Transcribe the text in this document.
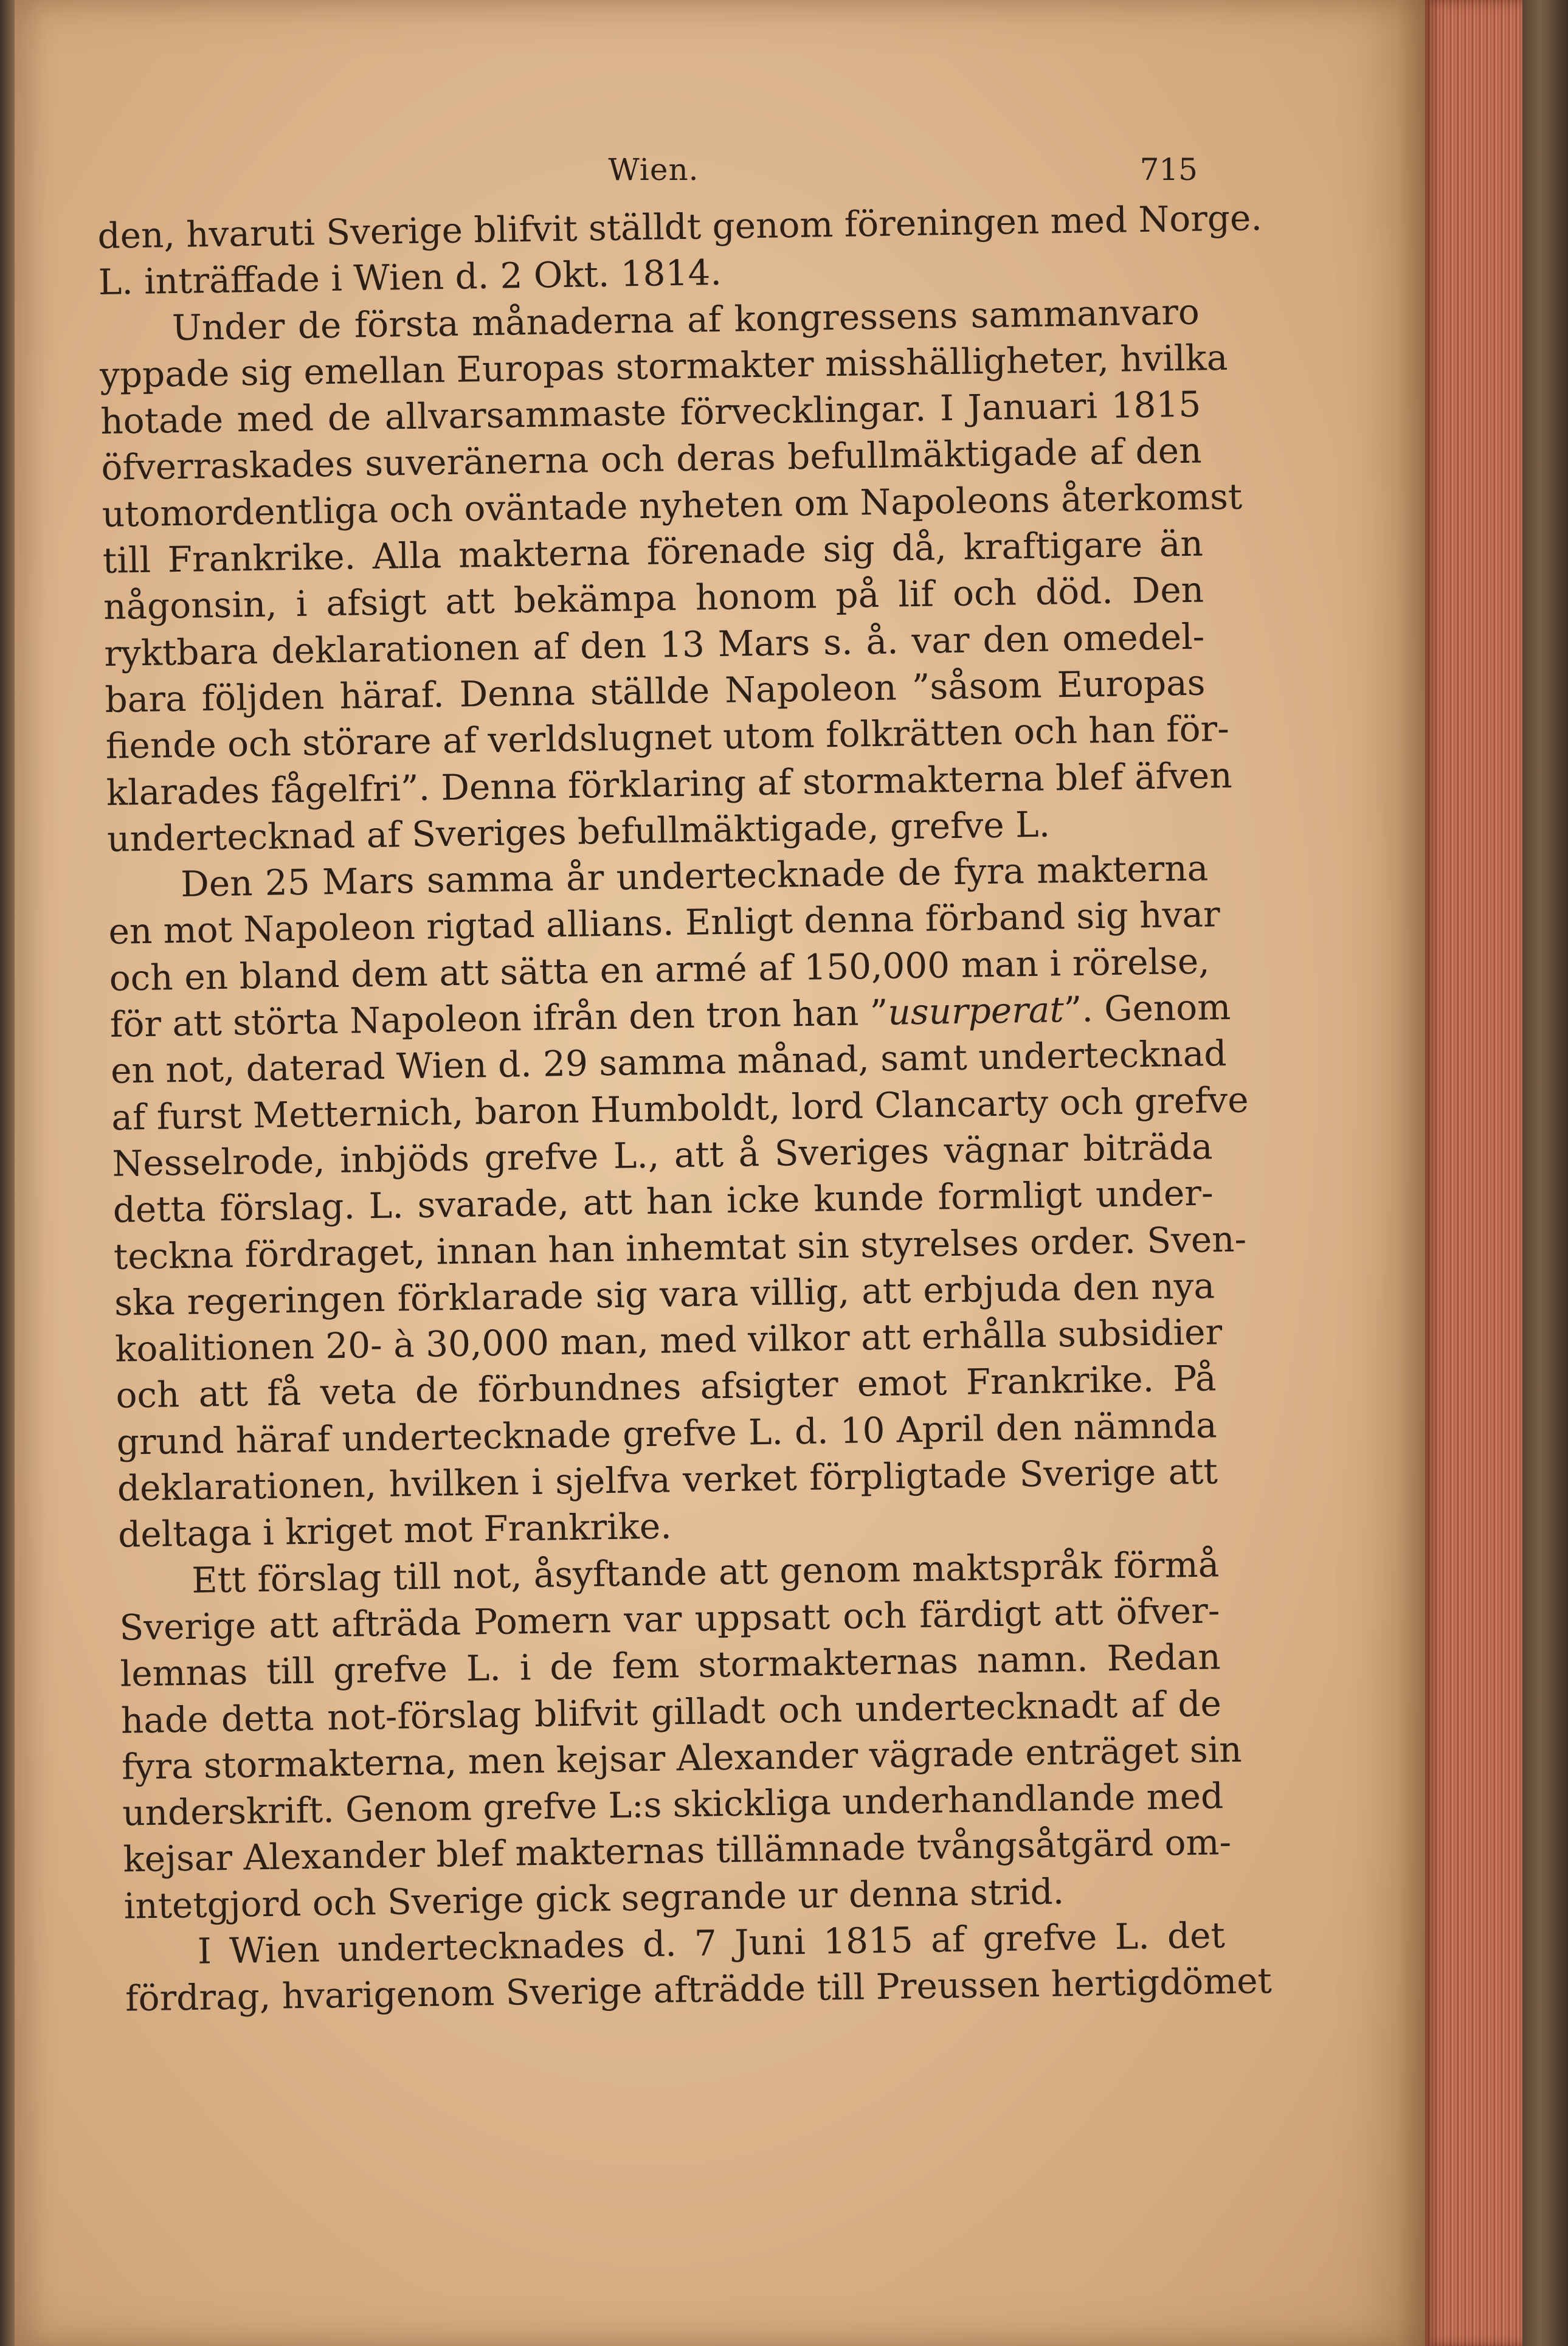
Wien.	715
den, hvaruti Sverige blifvit ställdt genom föreningen med Norge.
L. inträffade i Wien d. 2 Okt. 1814.
Under de första månaderna af kongressens sammanvaro
yppade sig emellan Europas stormakter misshälligheter, hvilka
hotade med de allvarsammaste förvecklingar. I Januari 1815
öfverraskades suveränerna och deras befullmäktigade af den
utomordentliga och oväntade nyheten om Napoleons återkomst
till Frankrike. Alla makterna förenade sig då, kraftigare än
någonsin, i afsigt att bekämpa honom på lif och död. Den
ryktbara deklarationen af den 13 Mars s. å. var den omedel-
bara följden häraf. Denna ställde Napoleon ”såsom Europas
fiende och störare af verldslugnet utom folkrätten och han för-
klarades fågelfri”. Denna förklaring af stormakterna blef äfven
undertecknad af Sveriges befullmäktigade, grefve L.
Den 25 Mars samma år undertecknade de fyra makterna
en mot Napoleon rigtad allians. Enligt denna förband sig hvar
och en bland dem att sätta en armé af 150,000 man i rörelse,
för att störta Napoleon ifrån den tron han ”usurperat”. Genom
en not, daterad Wien d. 29 samma månad, samt undertecknad
af furst Metternich, baron Humboldt, lord Clancarty och grefve
Nesselrode, inbjöds grefve L., att å Sveriges vägnar biträda
detta förslag. L. svarade, att han icke kunde formligt under-
teckna fördraget, innan han inhemtat sin styrelses order. Sven-
ska regeringen förklarade sig vara villig, att erbjuda den nya
koalitionen 20- à 30,000 man, med vilkor att erhålla subsidier
och att få veta de förbundnes afsigter emot Frankrike. På
grund häraf undertecknade grefve L. d. 10 April den nämnda
deklarationen, hvilken i sjelfva verket förpligtade Sverige att
deltaga i kriget mot Frankrike.
Ett förslag till not, åsyftande att genom maktspråk förmå
Sverige att afträda Pomern var uppsatt och färdigt att öfver-
lemnas till grefve L. i de fem stormakternas namn. Redan
hade detta not-förslag blifvit gilladt och undertecknadt af de
fyra stormakterna, men kejsar Alexander vägrade enträget sin
underskrift. Genom grefve L:s skickliga underhandlande med
kejsar Alexander blef makternas tillämnade tvångsåtgärd om-
intetgjord och Sverige gick segrande ur denna strid.
I Wien undertecknades d. 7 Juni 1815 af grefve L. det
fördrag, hvarigenom Sverige afträdde till Preussen hertigdömet
